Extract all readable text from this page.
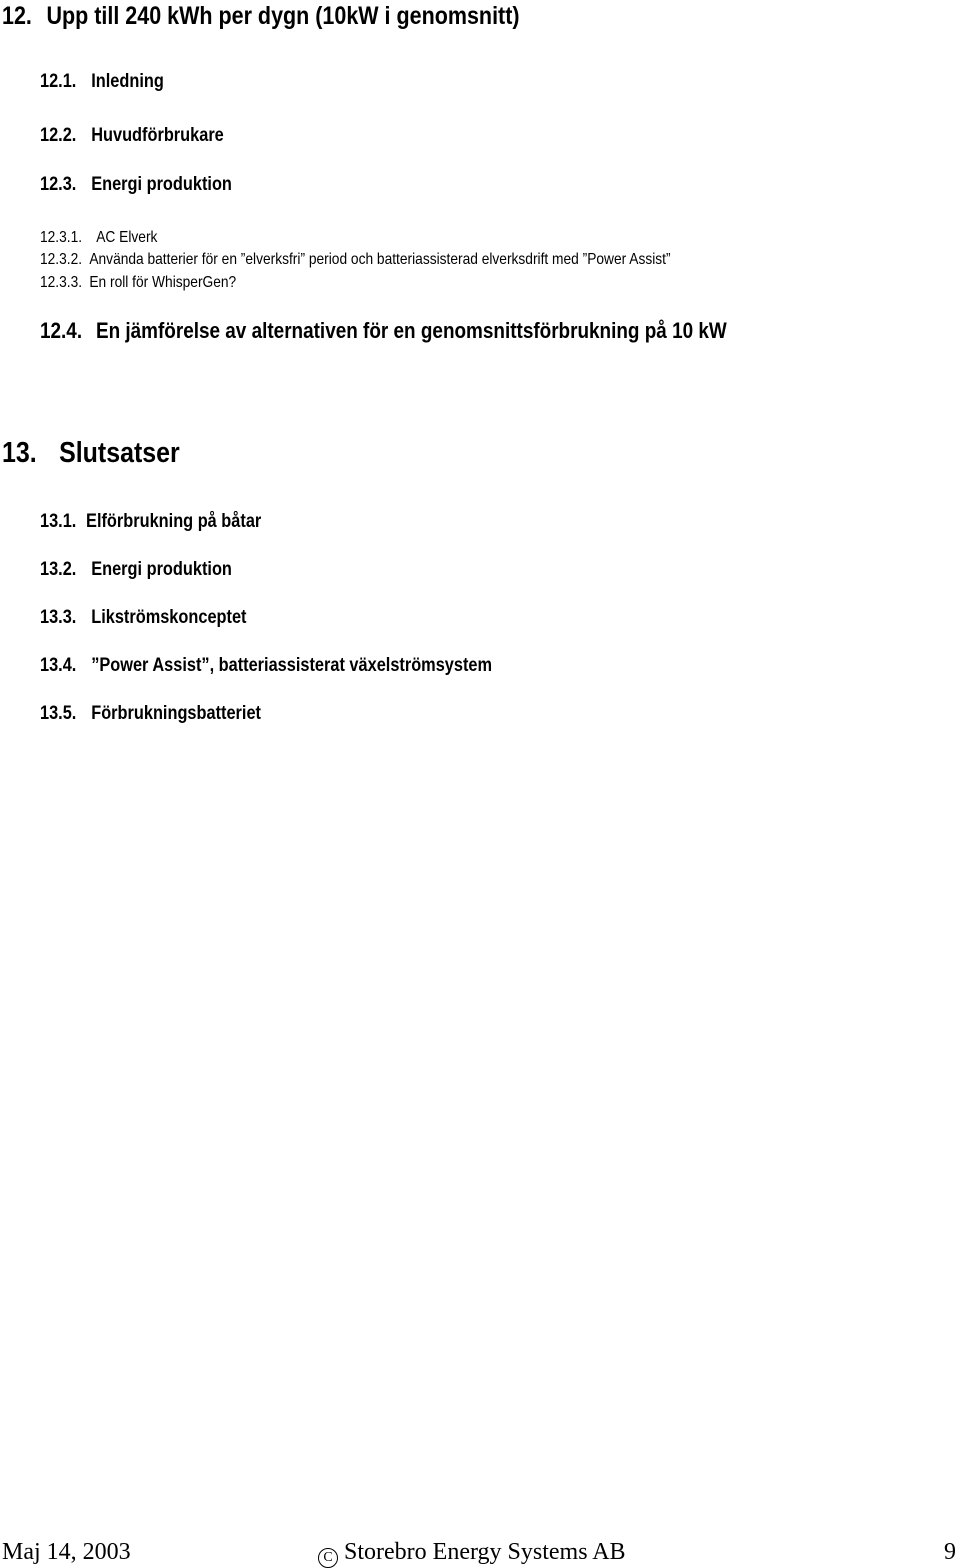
12. Upp till 240 kWh per dygn (10kW i genomsnitt)
12.1. Inledning
12.2. Huvudförbrukare
12.3. Energi produktion
12.3.1. AC Elverk
12.3.2. Använda batterier för en ”elverksfri” period och batteriassisterad elverksdrift med ”Power Assist”
12.3.3. En roll för WhisperGen?
12.4. En jämförelse av alternativen för en genomsnittsförbrukning på 10 kW
13. Slutsatser
13.1. Elförbrukning på båtar
13.2. Energi produktion
13.3. Likströmskonceptet
13.4. ”Power Assist”, batteriassisterat växelströmsystem
13.5. Förbrukningsbatteriet
Maj 14, 2003	C Storebro Energy Systems AB	9
